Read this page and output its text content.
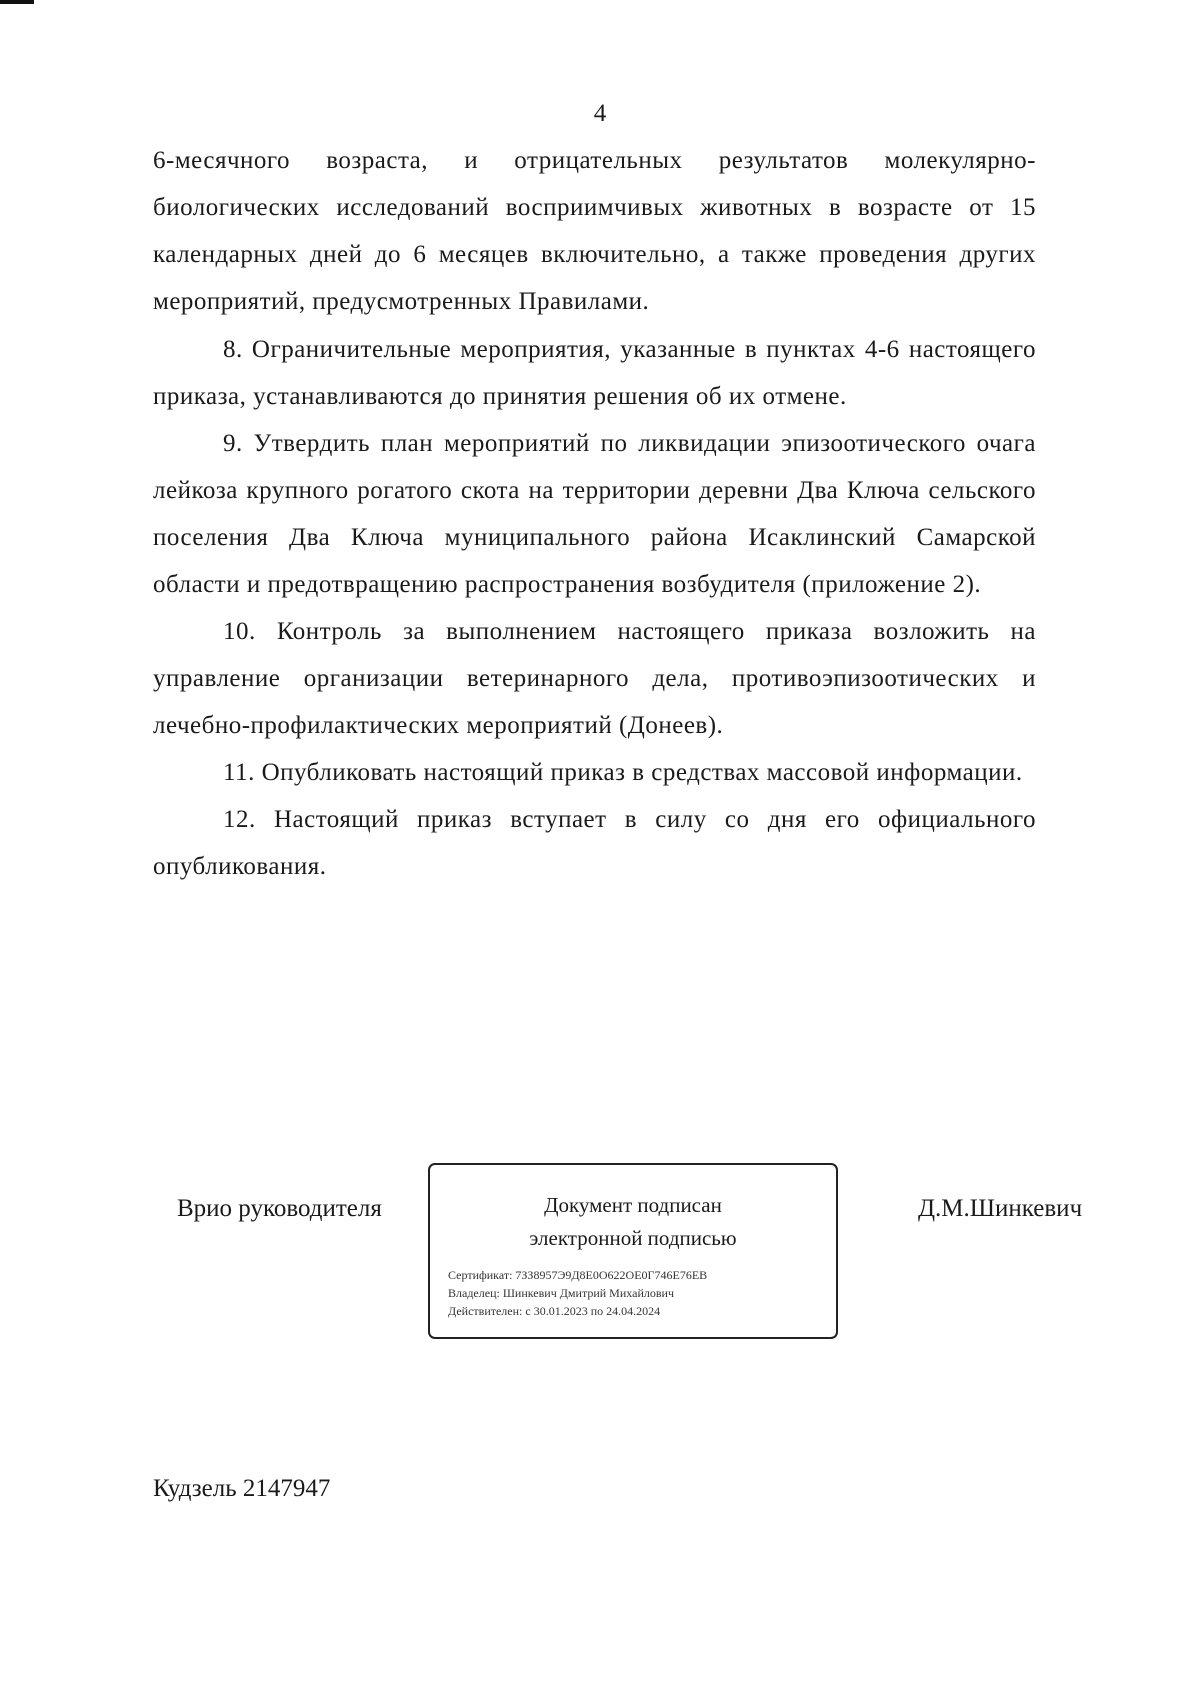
4

6-месячного возраста, и отрицательных результатов молекулярно-биологических исследований восприимчивых животных в возрасте от 15 календарных дней до 6 месяцев включительно, а также проведения других мероприятий, предусмотренных Правилами.

8. Ограничительные мероприятия, указанные в пунктах 4-6 настоящего приказа, устанавливаются до принятия решения об их отмене.

9. Утвердить план мероприятий по ликвидации эпизоотического очага лейкоза крупного рогатого скота на территории деревни Два Ключа сельского поселения Два Ключа муниципального района Исаклинский Самарской области и предотвращению распространения возбудителя (приложение 2).

10. Контроль за выполнением настоящего приказа возложить на управление организации ветеринарного дела, противоэпизоотических и лечебно-профилактических мероприятий (Донеев).

11. Опубликовать настоящий приказ в средствах массовой информации.

12. Настоящий приказ вступает в силу со дня его официального опубликования.

Врио руководителя	Документ подписан
электронной подписью
Сертификат: 7ЗЗ8957Э9Д8Е0О622ОЕ0Г746Е76ЕВ
Владелец: Шинкевич Дмитрий Михайлович
Действителен: с 30.01.2023 по 24.04.2024
Д.М.Шинкевич
Кудзель 2147947
